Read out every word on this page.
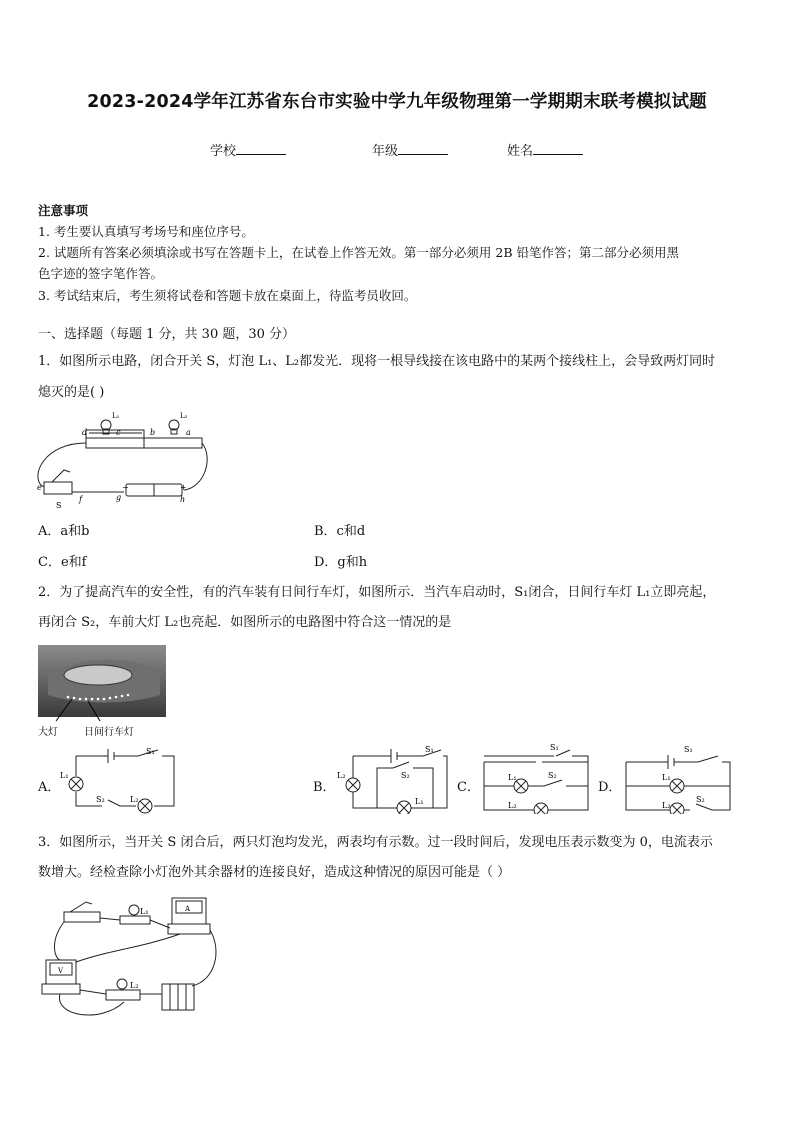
2023-2024学年江苏省东台市实验中学九年级物理第一学期期末联考模拟试题
学校	年级	姓名
注意事项
1. 考生要认真填写考场号和座位序号。
2. 试题所有答案必须填涂或书写在答题卡上，在试卷上作答无效。第一部分必须用 2B 铅笔作答；第二部分必须用黑
色字迹的签字笔作答。
3. 考试结束后，考生须将试卷和答题卡放在桌面上，待监考员收回。
一、选择题（每题 1 分，共 30 题，30 分）
1．如图所示电路，闭合开关 S，灯泡 L₁、L₂都发光．现将一根导线接在该电路中的某两个接线柱上，会导致两灯同时
熄灭的是( )
d	c	b	a
L₁	L₂
e
f	g	h
S
+
−
A．a和b	B．c和d
C．e和f	D．g和h
2．为了提高汽车的安全性，有的汽车装有日间行车灯，如图所示．当汽车启动时，S₁闭合，日间行车灯 L₁立即亮起，
再闭合 S₂，车前大灯 L₂也亮起．如图所示的电路图中符合这一情况的是
大灯	日间行车灯
A．
S₁
L₁
S₂	L₂
B．
S₁
L₂	S₂
L₁
C．
S₁
L₁	S₂
L₂
D．
S₁
L₁
L₂
S₂
3．如图所示，当开关 S 闭合后，两只灯泡均发光，两表均有示数。过一段时间后，发现电压表示数变为 0，电流表示
数增大。经检查除小灯泡外其余器材的连接良好，造成这种情况的原因可能是（ ）
L₁
L₂
A
V
